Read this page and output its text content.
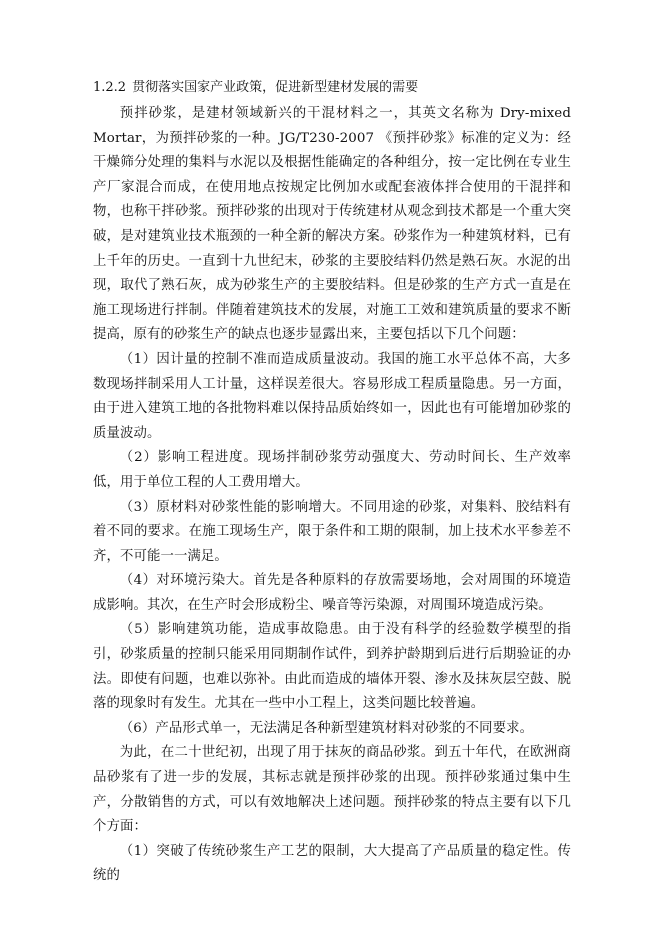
1.2.2 贯彻落实国家产业政策，促进新型建材发展的需要

预拌砂浆，是建材领域新兴的干混材料之一，其英文名称为 Dry-mixed Mortar，为预拌砂浆的一种。JG/T230-2007 《预拌砂浆》标准的定义为：经干燥筛分处理的集料与水泥以及根据性能确定的各种组分，按一定比例在专业生产厂家混合而成，在使用地点按规定比例加水或配套液体拌合使用的干混拌和物，也称干拌砂浆。预拌砂浆的出现对于传统建材从观念到技术都是一个重大突破，是对建筑业技术瓶颈的一种全新的解决方案。砂浆作为一种建筑材料，已有上千年的历史。一直到十九世纪末，砂浆的主要胶结料仍然是熟石灰。水泥的出现，取代了熟石灰，成为砂浆生产的主要胶结料。但是砂浆的生产方式一直是在施工现场进行拌制。伴随着建筑技术的发展，对施工工效和建筑质量的要求不断提高，原有的砂浆生产的缺点也逐步显露出来，主要包括以下几个问题：

（1）因计量的控制不准而造成质量波动。我国的施工水平总体不高，大多数现场拌制采用人工计量，这样误差很大。容易形成工程质量隐患。另一方面，由于进入建筑工地的各批物料难以保持品质始终如一，因此也有可能增加砂浆的质量波动。

（2）影响工程进度。现场拌制砂浆劳动强度大、劳动时间长、生产效率低，用于单位工程的人工费用增大。

（3）原材料对砂浆性能的影响增大。不同用途的砂浆，对集料、胶结料有着不同的要求。在施工现场生产，限于条件和工期的限制，加上技术水平参差不齐，不可能一一满足。

（4）对环境污染大。首先是各种原料的存放需要场地，会对周围的环境造成影响。其次，在生产时会形成粉尘、噪音等污染源，对周围环境造成污染。

（5）影响建筑功能，造成事故隐患。由于没有科学的经验数学模型的指引，砂浆质量的控制只能采用同期制作试件，到养护龄期到后进行后期验证的办法。即使有问题，也难以弥补。由此而造成的墙体开裂、渗水及抹灰层空鼓、脱落的现象时有发生。尤其在一些中小工程上，这类问题比较普遍。

（6）产品形式单一，无法满足各种新型建筑材料对砂浆的不同要求。

为此，在二十世纪初，出现了用于抹灰的商品砂浆。到五十年代，在欧洲商品砂浆有了进一步的发展，其标志就是预拌砂浆的出现。预拌砂浆通过集中生产，分散销售的方式，可以有效地解决上述问题。预拌砂浆的特点主要有以下几个方面：

（1）突破了传统砂浆生产工艺的限制，大大提高了产品质量的稳定性。传统的
